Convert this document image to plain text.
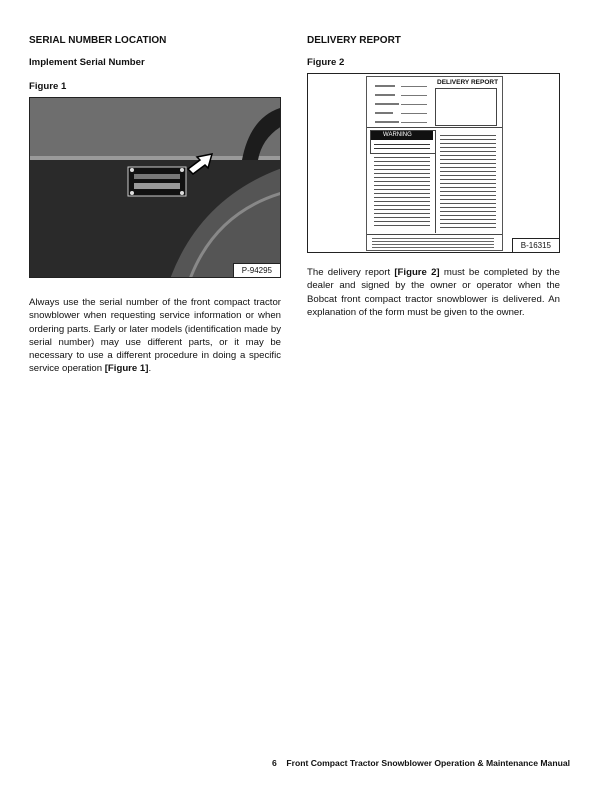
SERIAL NUMBER LOCATION
Implement Serial Number
Figure 1
P-94295
Always use the serial number of the front compact tractor snowblower when requesting service information or when ordering parts. Early or later models (identification made by serial number) may use different parts, or it may be necessary to use a different procedure in doing a specific service operation [Figure 1].
DELIVERY REPORT
Figure 2
DELIVERY REPORT
WARNING
B-16315
The delivery report [Figure 2] must be completed by the dealer and signed by the owner or operator when the Bobcat front compact tractor snowblower is delivered. An explanation of the form must be given to the owner.
6 Front Compact Tractor Snowblower Operation & Maintenance Manual
